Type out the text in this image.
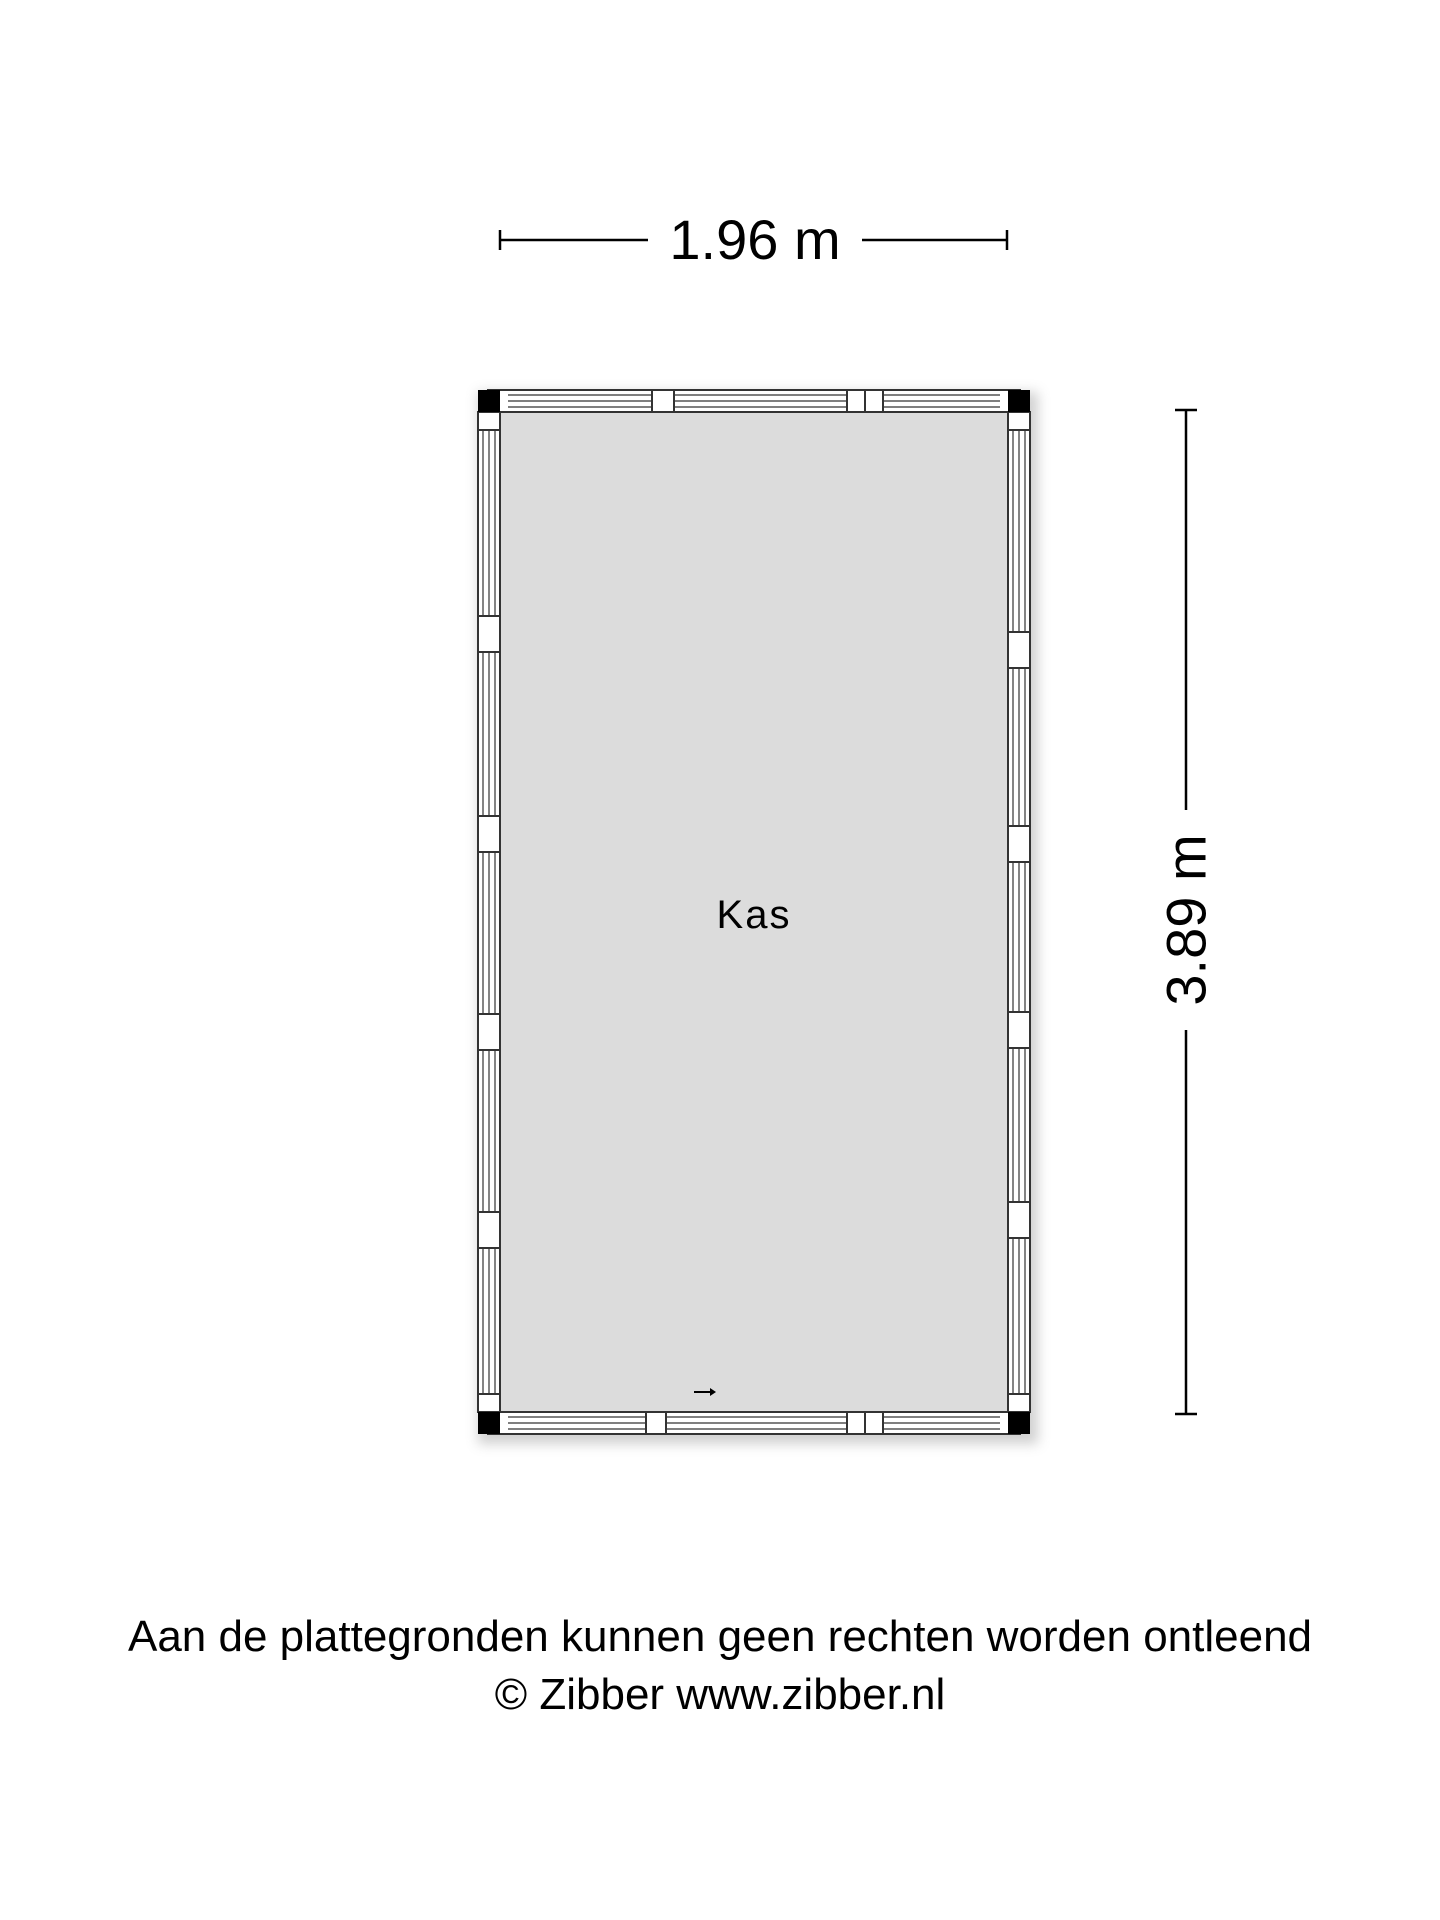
1.96 m
3.89 m
Kas
Aan de plattegronden kunnen geen rechten worden ontleend
© Zibber www.zibber.nl
